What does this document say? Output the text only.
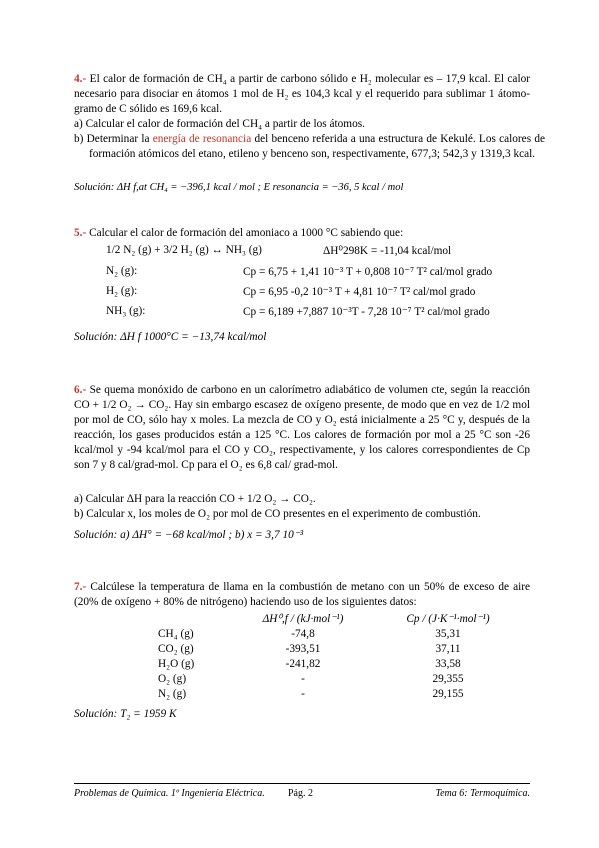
4.- El calor de formación de CH₄ a partir de carbono sólido e H₂ molecular es – 17,9 kcal. El calor necesario para disociar en átomos 1 mol de H₂ es 104,3 kcal y el requerido para sublimar 1 átomo-gramo de C sólido es 169,6 kcal.
a) Calcular el calor de formación del CH₄ a partir de los átomos.
b) Determinar la energía de resonancia del benceno referida a una estructura de Kekulé. Los calores de formación atómicos del etano, etileno y benceno son, respectivamente, 677,3; 542,3 y 1319,3 kcal.
Solución: ΔH f,at CH₄ = −396,1 kcal / mol ; E resonancia = −36, 5 kcal / mol
5.- Calcular el calor de formación del amoniaco a 1000 °C sabiendo que:
1/2 N₂ (g) + 3/2 H₂ (g) ↔ NH₃ (g)	ΔH⁰298K = -11,04 kcal/mol
N₂ (g):	Cp = 6,75 + 1,41 10⁻³ T + 0,808 10⁻⁷ T² cal/mol grado
H₂ (g):	Cp = 6,95 -0,2 10⁻³ T + 4,81 10⁻⁷ T² cal/mol grado
NH₃ (g):	Cp = 6,189 +7,887 10⁻³T - 7,28 10⁻⁷ T² cal/mol grado
Solución: ΔH f 1000°C = −13,74 kcal/mol
6.- Se quema monóxido de carbono en un calorímetro adiabático de volumen cte, según la reacción CO + 1/2 O₂ → CO₂. Hay sin embargo escasez de oxígeno presente, de modo que en vez de 1/2 mol por mol de CO, sólo hay x moles. La mezcla de CO y O₂ está inicialmente a 25 °C y, después de la reacción, los gases producidos están a 125 °C. Los calores de formación por mol a 25 °C son -26 kcal/mol y -94 kcal/mol para el CO y CO₂, respectivamente, y los calores correspondientes de Cp son 7 y 8 cal/grad-mol. Cp para el O₂ es 6,8 cal/ grad-mol.
a) Calcular ΔH para la reacción CO + 1/2 O₂ → CO₂.
b) Calcular x, los moles de O₂ por mol de CO presentes en el experimento de combustión.
Solución: a) ΔH° = −68 kcal/mol ; b) x = 3,7 10⁻³
7.- Calcúlese la temperatura de llama en la combustión de metano con un 50% de exceso de aire (20% de oxígeno + 80% de nitrógeno) haciendo uso de los siguientes datos:
	ΔH⁰,f / (kJ·mol⁻¹)	Cp / (J·K⁻¹·mol⁻¹)
CH₄ (g)	-74,8	35,31
CO₂ (g)	-393,51	37,11
H₂O (g)	-241,82	33,58
O₂ (g)	-	29,355
N₂ (g)	-	29,155
Solución: T₂ = 1959 K
Problemas de Química. 1º Ingeniería Eléctrica. Pág. 2	Tema 6: Termoquímica.
